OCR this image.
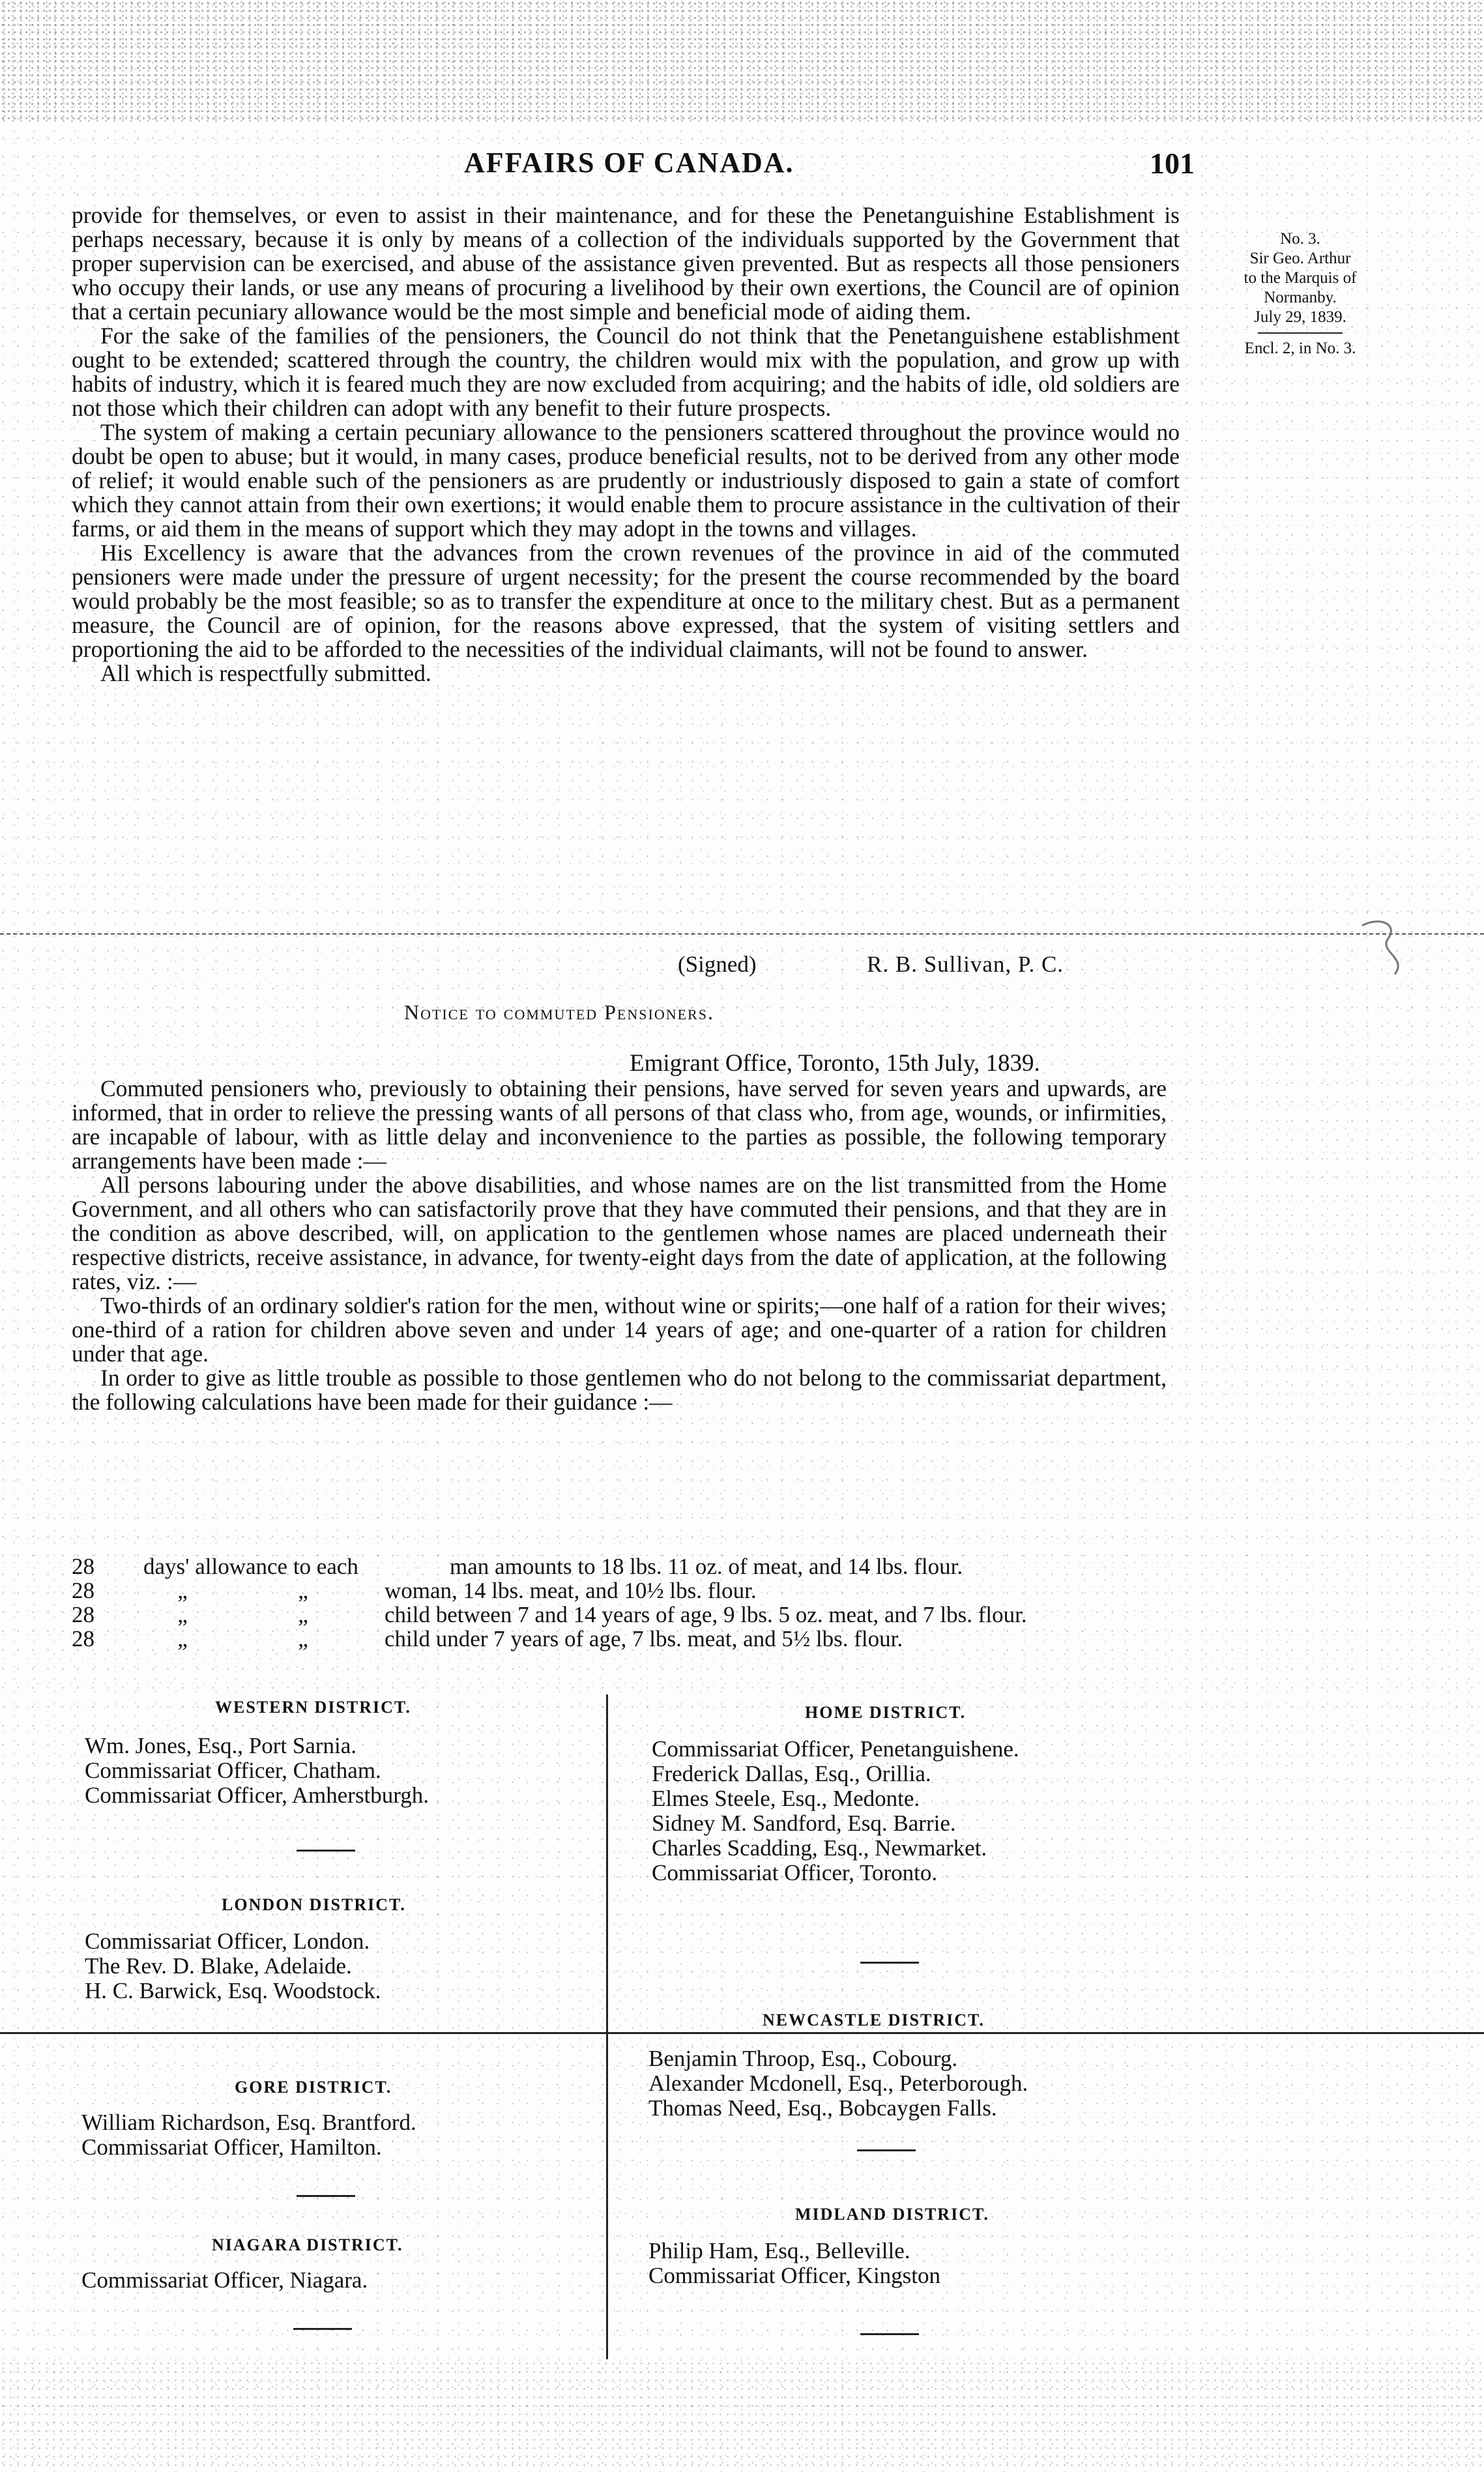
AFFAIRS OF CANADA.	101
No. 3.
Sir Geo. Arthur
to the Marquis of
Normanby.
July 29, 1839.
Encl. 2, in No. 3.

provide for themselves, or even to assist in their maintenance, and for these the Penetanguishine Establishment is perhaps necessary, because it is only by means of a collection of the individuals supported by the Government that proper supervision can be exercised, and abuse of the assistance given prevented. But as respects all those pensioners who occupy their lands, or use any means of procuring a livelihood by their own exertions, the Council are of opinion that a certain pecuniary allowance would be the most simple and beneficial mode of aiding them.

For the sake of the families of the pensioners, the Council do not think that the Penetanguishene establishment ought to be extended; scattered through the country, the children would mix with the population, and grow up with habits of industry, which it is feared much they are now excluded from acquiring; and the habits of idle, old soldiers are not those which their children can adopt with any benefit to their future prospects.

The system of making a certain pecuniary allowance to the pensioners scattered throughout the province would no doubt be open to abuse; but it would, in many cases, produce beneficial results, not to be derived from any other mode of relief; it would enable such of the pensioners as are prudently or industriously disposed to gain a state of comfort which they cannot attain from their own exertions; it would enable them to procure assistance in the cultivation of their farms, or aid them in the means of support which they may adopt in the towns and villages.

His Excellency is aware that the advances from the crown revenues of the province in aid of the commuted pensioners were made under the pressure of urgent necessity; for the present the course recommended by the board would probably be the most feasible; so as to transfer the expenditure at once to the military chest. But as a permanent measure, the Council are of opinion, for the reasons above expressed, that the system of visiting settlers and proportioning the aid to be afforded to the necessities of the individual claimants, will not be found to answer.

All which is respectfully submitted.

(Signed)	R. B. Sullivan, P. C.
Notice to commuted Pensioners.
Emigrant Office, Toronto, 15th July, 1839.

Commuted pensioners who, previously to obtaining their pensions, have served for seven years and upwards, are informed, that in order to relieve the pressing wants of all persons of that class who, from age, wounds, or infirmities, are incapable of labour, with as little delay and inconvenience to the parties as possible, the following temporary arrangements have been made :—

All persons labouring under the above disabilities, and whose names are on the list transmitted from the Home Government, and all others who can satisfactorily prove that they have commuted their pensions, and that they are in the condition as above described, will, on application to the gentlemen whose names are placed underneath their respective districts, receive assistance, in advance, for twenty-eight days from the date of application, at the following rates, viz. :—

Two-thirds of an ordinary soldier's ration for the men, without wine or spirits;—one half of a ration for their wives; one-third of a ration for children above seven and under 14 years of age; and one-quarter of a ration for children under that age.

In order to give as little trouble as possible to those gentlemen who do not belong to the commissariat department, the following calculations have been made for their guidance :—

28	days' allowance to each	man amounts to 18 lbs. 11 oz. of meat, and 14 lbs. flour.
28	„	„	woman, 14 lbs. meat, and 10½ lbs. flour.
28	„	„	child between 7 and 14 years of age, 9 lbs. 5 oz. meat, and 7 lbs. flour.
28	„	„	child under 7 years of age, 7 lbs. meat, and 5½ lbs. flour.
WESTERN DISTRICT.
Wm. Jones, Esq., Port Sarnia.
Commissariat Officer, Chatham.
Commissariat Officer, Amherstburgh.
LONDON DISTRICT.
Commissariat Officer, London.
The Rev. D. Blake, Adelaide.
H. C. Barwick, Esq. Woodstock.
GORE DISTRICT.
William Richardson, Esq. Brantford.
Commissariat Officer, Hamilton.
NIAGARA DISTRICT.
Commissariat Officer, Niagara.
HOME DISTRICT.
Commissariat Officer, Penetanguishene.
Frederick Dallas, Esq., Orillia.
Elmes Steele, Esq., Medonte.
Sidney M. Sandford, Esq. Barrie.
Charles Scadding, Esq., Newmarket.
Commissariat Officer, Toronto.
NEWCASTLE DISTRICT.
Benjamin Throop, Esq., Cobourg.
Alexander Mcdonell, Esq., Peterborough.
Thomas Need, Esq., Bobcaygen Falls.
MIDLAND DISTRICT.
Philip Ham, Esq., Belleville.
Commissariat Officer, Kingston
